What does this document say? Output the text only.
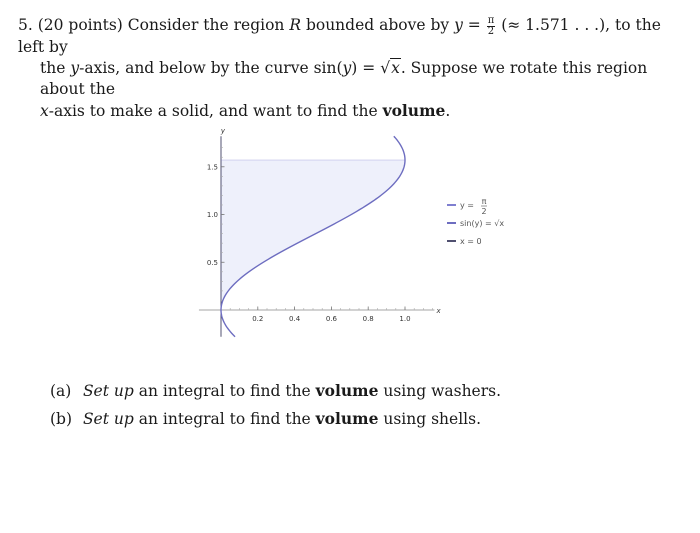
5. (20 points) Consider the region R bounded above by $y = \frac{\pi}{2}$ (≈ 1.571 . . .), to the left by
the y-axis, and below by the curve sin(y) = √x. Suppose we rotate this region about the
x-axis to make a solid, and want to find the volume.
0.2	0.4	0.6	0.8	1.0
x
0.5
1.0
1.5
y
y = π
2
sin(y) = √x
x = 0
(a) Set up an integral to find the volume using washers.
(b) Set up an integral to find the volume using shells.
